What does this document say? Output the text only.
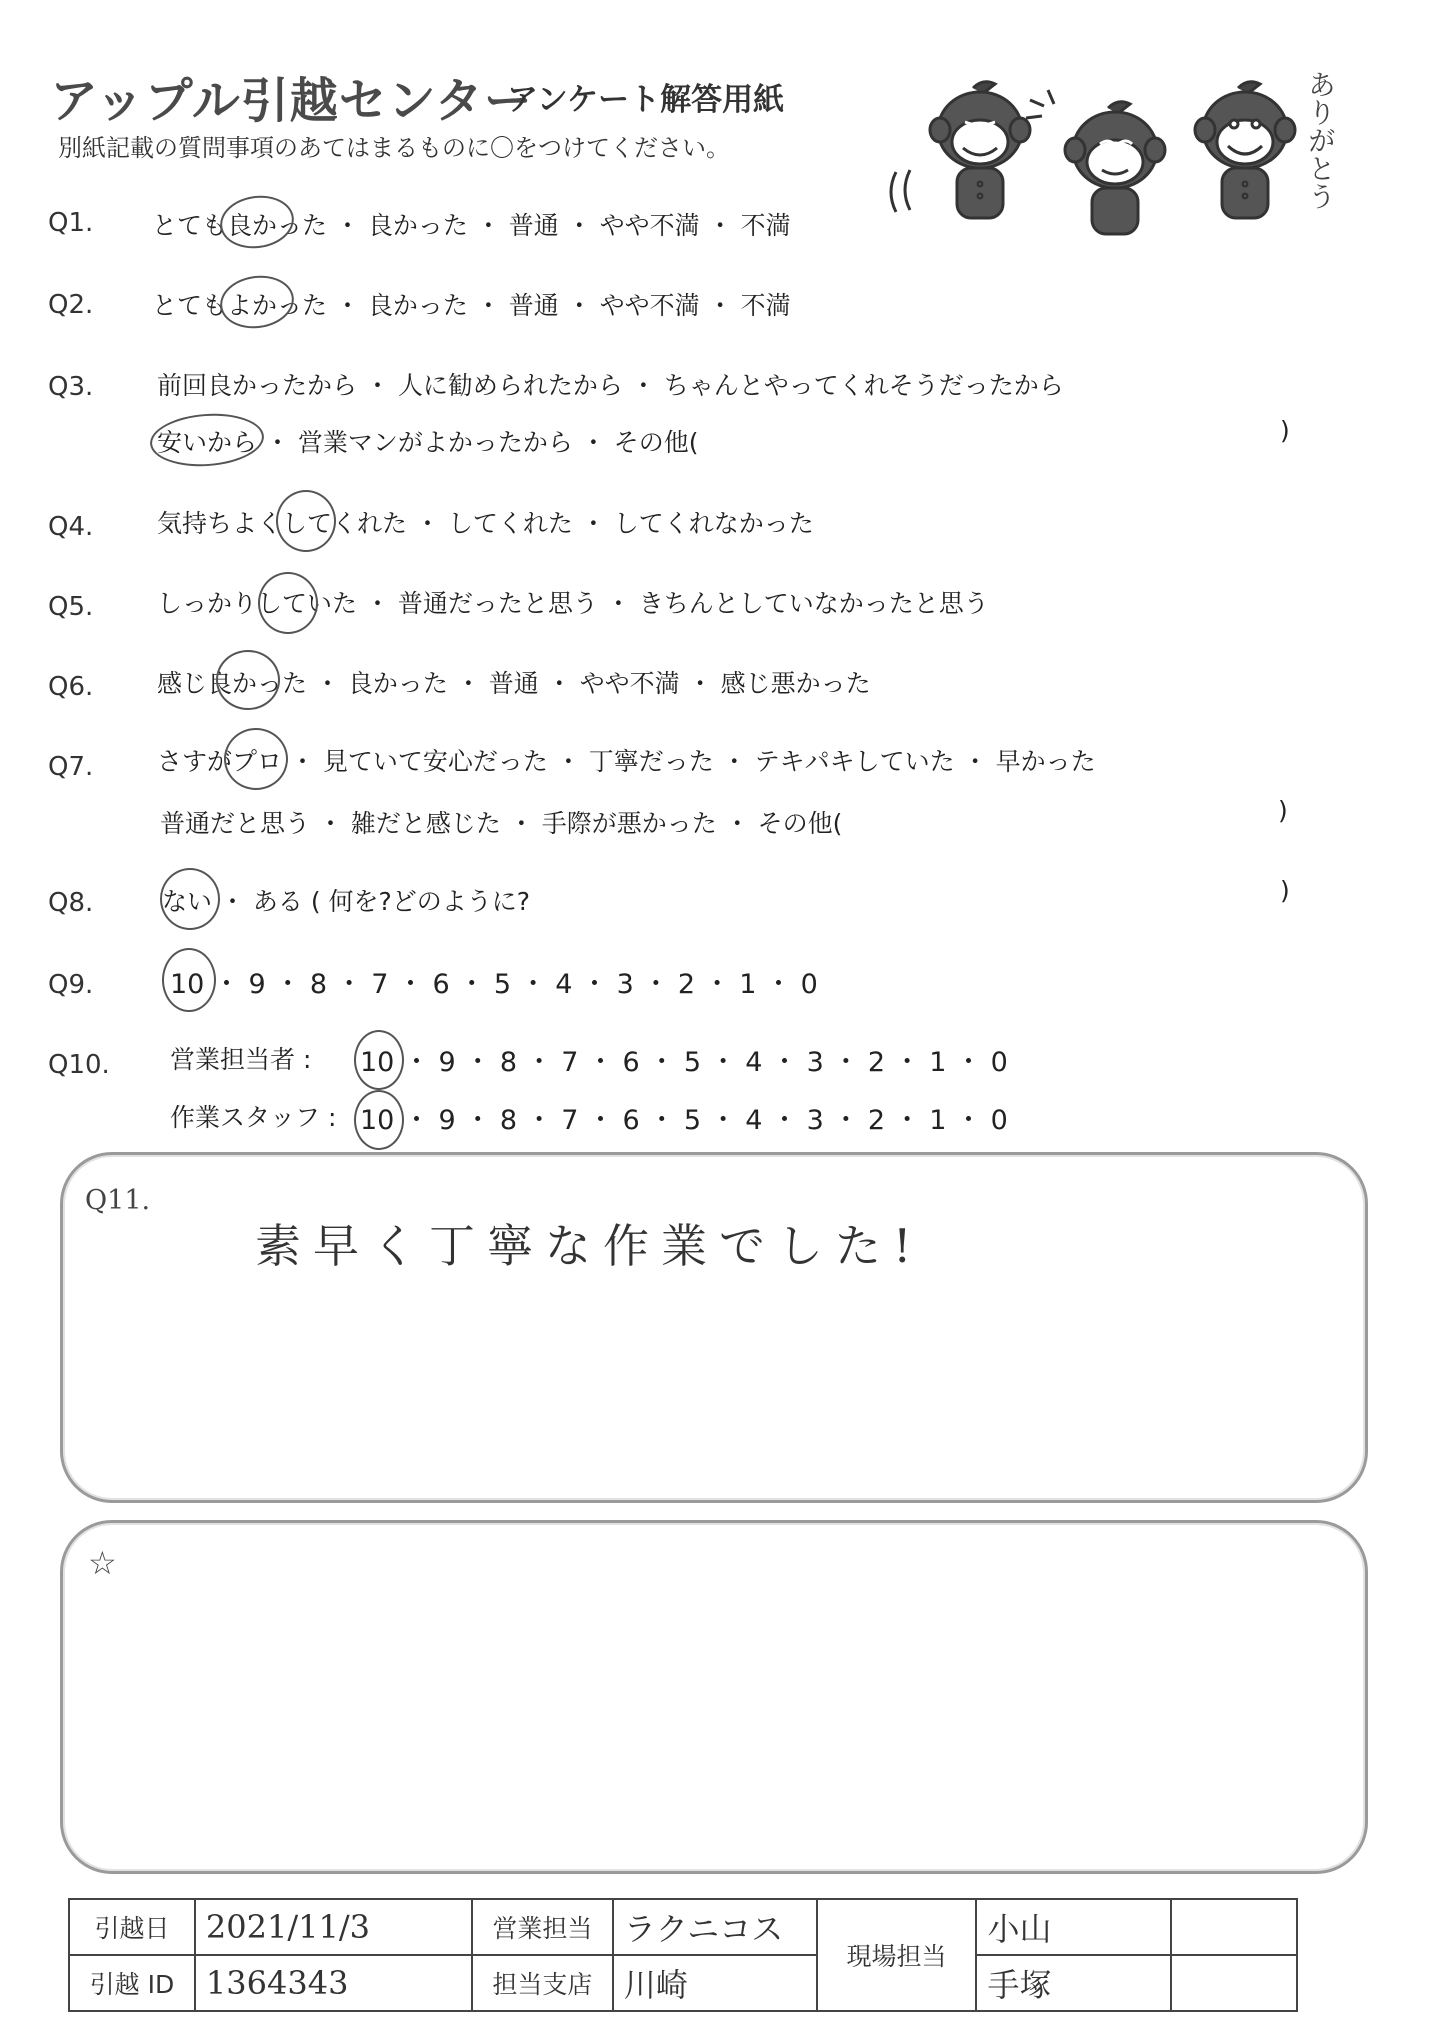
アップル引越センター
アンケート解答用紙
別紙記載の質問事項のあてはまるものに〇をつけてください。	ありがとう
Q1. とても良かった ・ 良かった ・ 普通 ・ やや不満 ・ 不満
Q2. とてもよかった ・ 良かった ・ 普通 ・ やや不満 ・ 不満
Q3.	前回良かったから ・ 人に勧められたから ・ ちゃんとやってくれそうだったから
安いから ・ 営業マンがよかったから ・ その他(	)
Q4.	気持ちよくしてくれた ・ してくれた ・ してくれなかった
Q5.	しっかりしていた ・ 普通だったと思う ・ きちんとしていなかったと思う
Q6.	感じ良かった ・ 良かった ・ 普通 ・ やや不満 ・ 感じ悪かった
Q7.	さすがプロ ・ 見ていて安心だった ・ 丁寧だった ・ テキパキしていた ・ 早かった
普通だと思う ・ 雑だと感じた ・ 手際が悪かった ・ その他(	)
Q8.	ない ・ ある ( 何を?どのように?	)
Q9.	10 ・ 9 ・ 8 ・ 7 ・ 6 ・ 5 ・ 4 ・ 3 ・ 2 ・ 1 ・ 0
Q10. 営業担当者 : 10 ・ 9 ・ 8 ・ 7 ・ 6 ・ 5 ・ 4 ・ 3 ・ 2 ・ 1 ・ 0
作業スタッフ : 10 ・ 9 ・ 8 ・ 7 ・ 6 ・ 5 ・ 4 ・ 3 ・ 2 ・ 1 ・ 0
Q11.
素早く丁寧な作業でした!
☆
引越日	2021/11/3	営業担当	ラクニコス	現場担当	小山	
引越 ID	1364343	担当支店	川崎		手塚	
